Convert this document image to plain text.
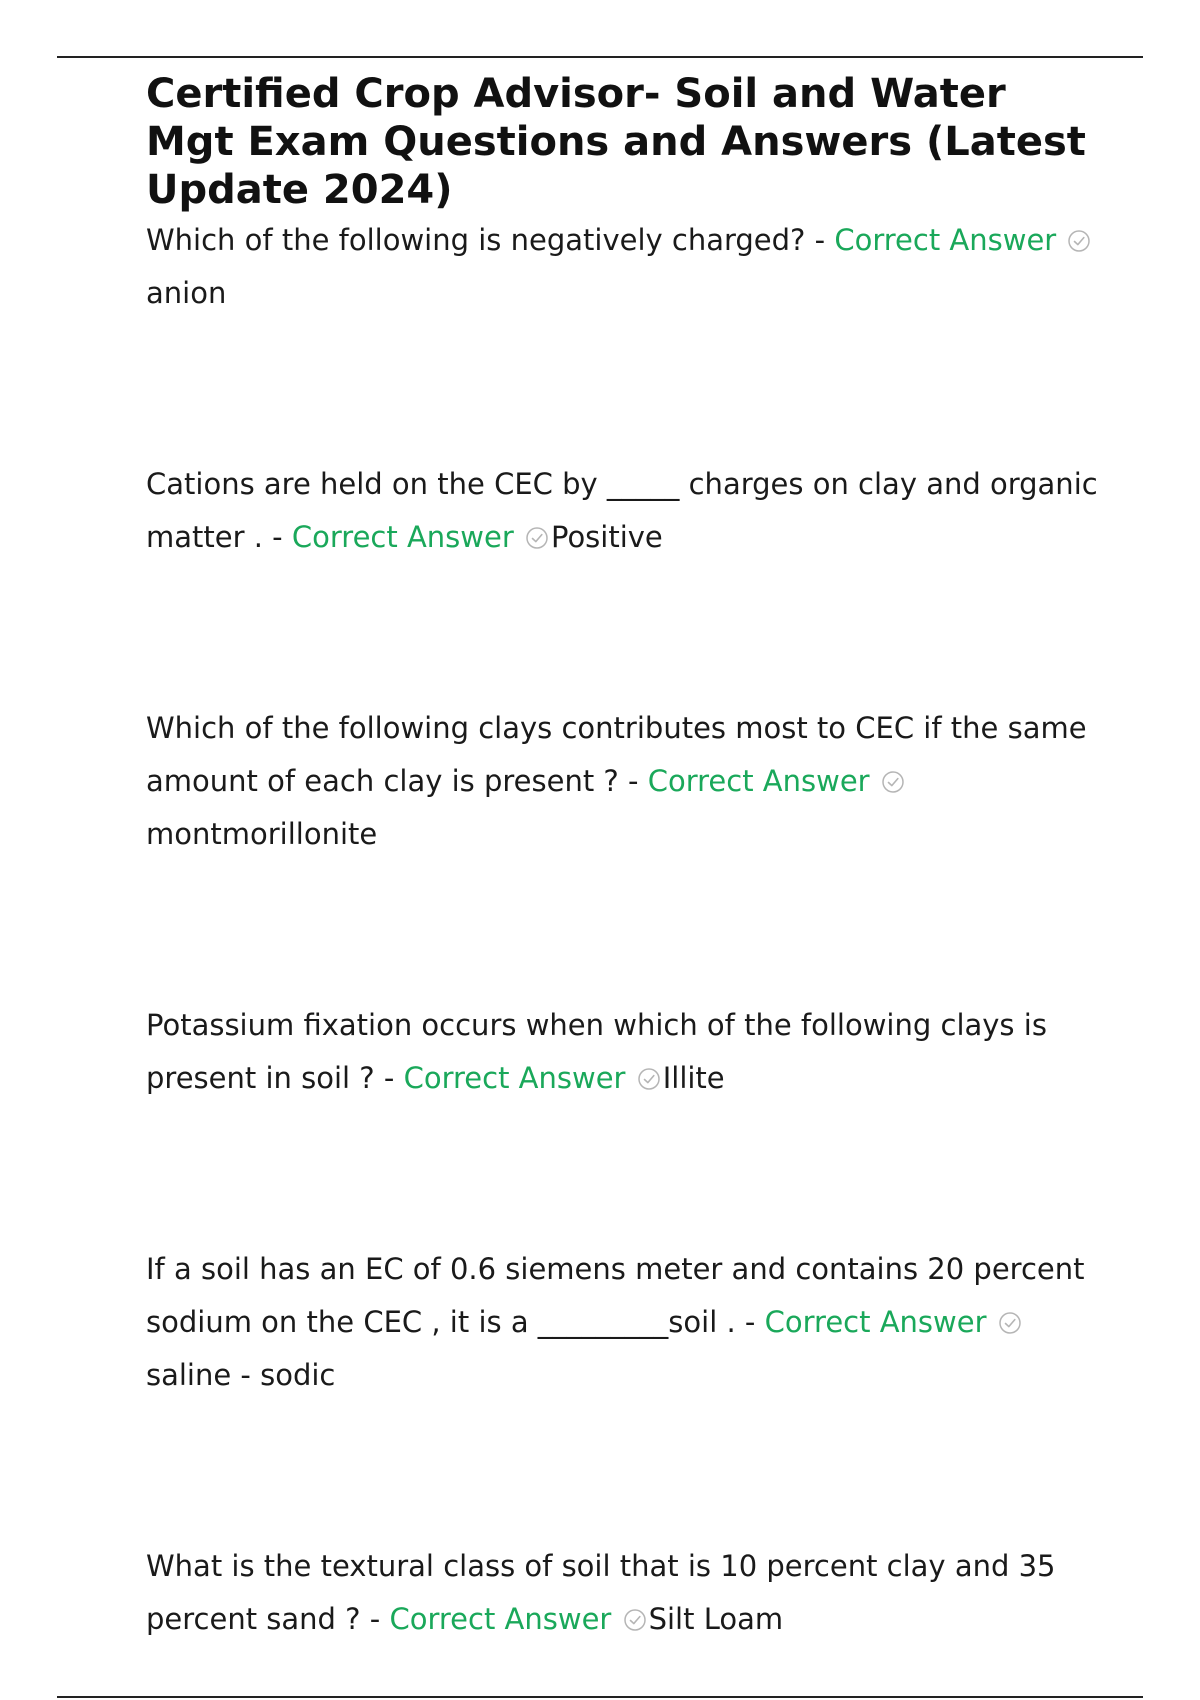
Certified Crop Advisor- Soil and Water Mgt Exam Questions and Answers (Latest Update 2024)
Which of the following is negatively charged? - Correct Answer
anion
Cations are held on the CEC by _____ charges on clay and organic matter . - Correct Answer Positive
Which of the following clays contributes most to CEC if the same amount of each clay is present ? - Correct Answer
montmorillonite
Potassium fixation occurs when which of the following clays is present in soil ? - Correct Answer Illite
If a soil has an EC of 0.6 siemens meter and contains 20 percent sodium on the CEC , it is a _________soil . - Correct Answer
saline - sodic
What is the textural class of soil that is 10 percent clay and 35 percent sand ? - Correct Answer Silt Loam
